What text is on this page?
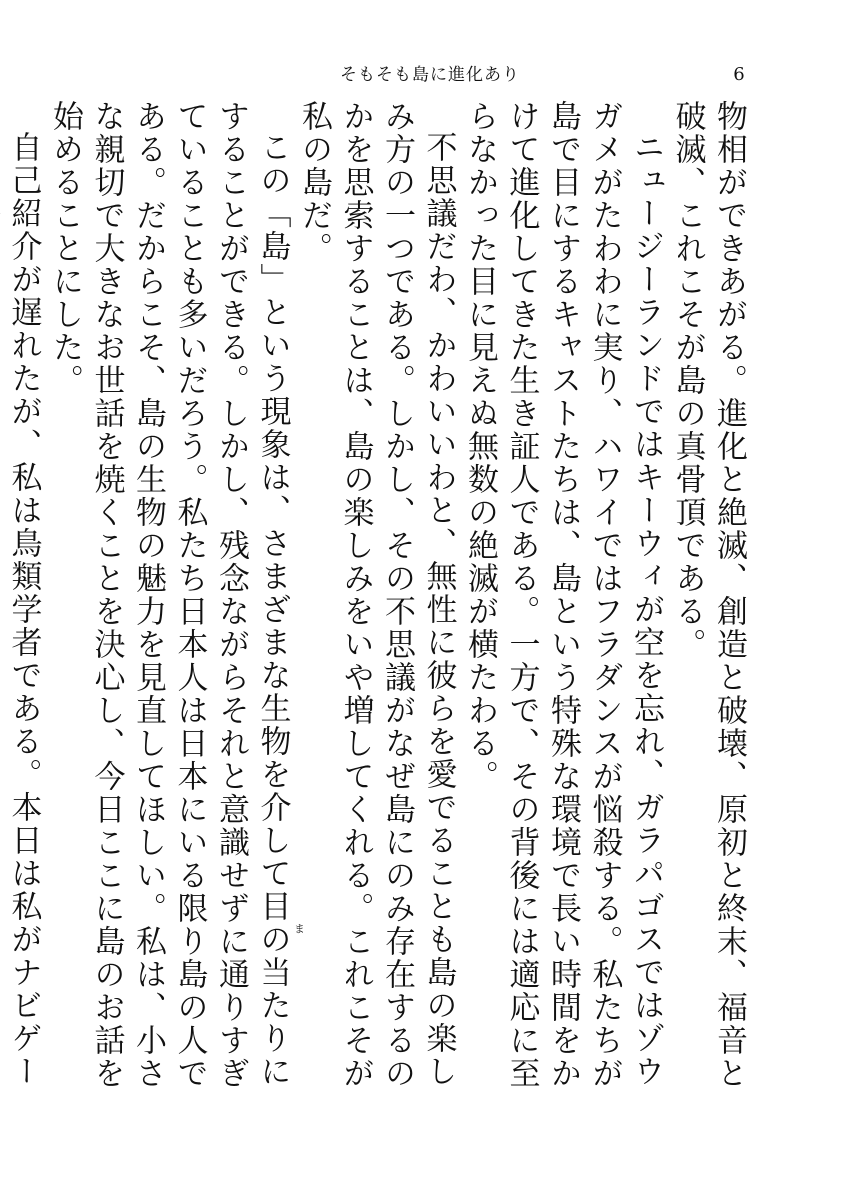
そもそも島に進化あり	6

物相ができあがる。進化と絶滅、創造と破壊、原初と終末、福音と破滅、これこそが島の真骨頂である。

ニュージーランドではキーウィが空を忘れ、ガラパゴスではゾウガメがたわわに実り、ハワイではフラダンスが悩殺する。私たちが島で目にするキャストたちは、島という特殊な環境で長い時間をかけて進化してきた生き証人である。一方で、その背後には適応に至らなかった目に見えぬ無数の絶滅が横たわる。

不思議だわ、かわいいわと、無性に彼らを愛でることも島の楽しみ方の一つである。しかし、その不思議がなぜ島にのみ存在するのかを思索することは、島の楽しみをいや増してくれる。これこそが私の島だ。

この「島」という現象は、さまざまな生物を介して目
ま
の当たりにすることができる。しかし、残念ながらそれと意識せずに通りすぎていることも多いだろう。私たち日本人は日本にいる限り島の人である。だからこそ、島の生物の魅力を見直してほしい。私は、小さな親切で大きなお世話を焼くことを決心し、今日ここに島のお話を始めることにした。

自己紹介が遅れたが、私は鳥類学者である。本日は私がナビゲー
